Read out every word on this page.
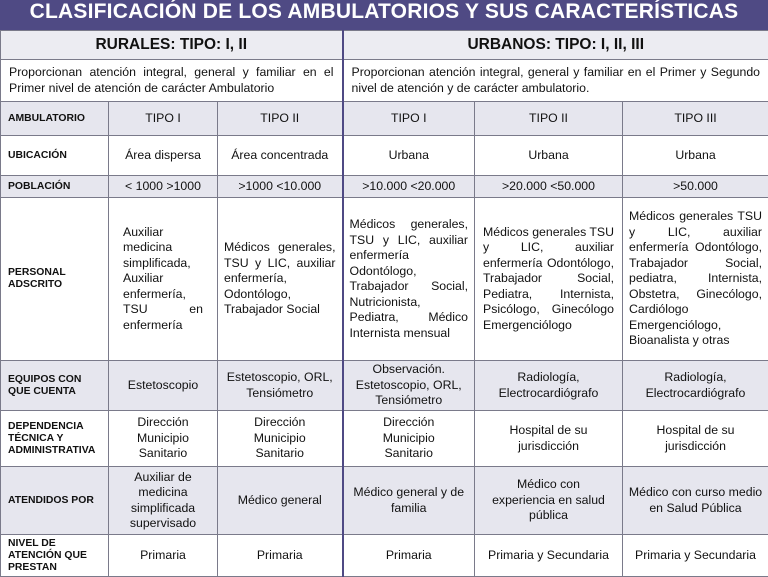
CLASIFICACIÓN DE LOS AMBULATORIOS Y SUS CARACTERÍSTICAS
RURALES: TIPO: I, II			URBANOS: TIPO: I, II, III		
Proporcionan atención integral, general y familiar en el Primer nivel de atención de carácter Ambulatorio			Proporcionan atención integral, general y familiar en el Primer y Segundo nivel de atención y de carácter ambulatorio.		
AMBULATORIO	TIPO I	TIPO II	TIPO I	TIPO II	TIPO III
UBICACIÓN	Área dispersa	Área concentrada	Urbana	Urbana	Urbana
POBLACIÓN	< 1000 >1000	>1000 <10.000	>10.000 <20.000	>20.000 <50.000	>50.000
PERSONAL ADSCRITO	Auxiliar medicina simplificada, Auxiliar enfermería, TSU en enfermería	Médicos generales, TSU y LIC, auxiliar enfermería, Odontólogo, Trabajador Social	Médicos generales, TSU y LIC, auxiliar enfermería Odontólogo, Trabajador Social, Nutricionista, Pediatra, Médico Internista mensual	Médicos generales TSU y LIC, auxiliar enfermería Odontólogo, Trabajador Social, Pediatra, Internista, Psicólogo, Ginecólogo Emergenciólogo	Médicos generales TSU y LIC, auxiliar enfermería Odontólogo, Trabajador Social, pediatra, Internista, Obstetra, Ginecólogo, Cardiólogo Emergenciólogo, Bioanalista y otras
EQUIPOS CON QUE CUENTA	Estetoscopio	Estetoscopio, ORL, Tensiómetro	Observación. Estetoscopio, ORL, Tensiómetro	Radiología, Electrocardiógrafo	Radiología, Electrocardiógrafo
DEPENDENCIA TÉCNICA Y ADMINISTRATIVA	Dirección Municipio Sanitario	Dirección Municipio Sanitario	Dirección Municipio Sanitario	Hospital de su jurisdicción	Hospital de su jurisdicción
ATENDIDOS POR	Auxiliar de medicina simplificada supervisado	Médico general	Médico general y de familia	Médico con experiencia en salud pública	Médico con curso medio en Salud Pública
NIVEL DE ATENCIÓN QUE PRESTAN	Primaria	Primaria	Primaria	Primaria y Secundaria	Primaria y Secundaria
